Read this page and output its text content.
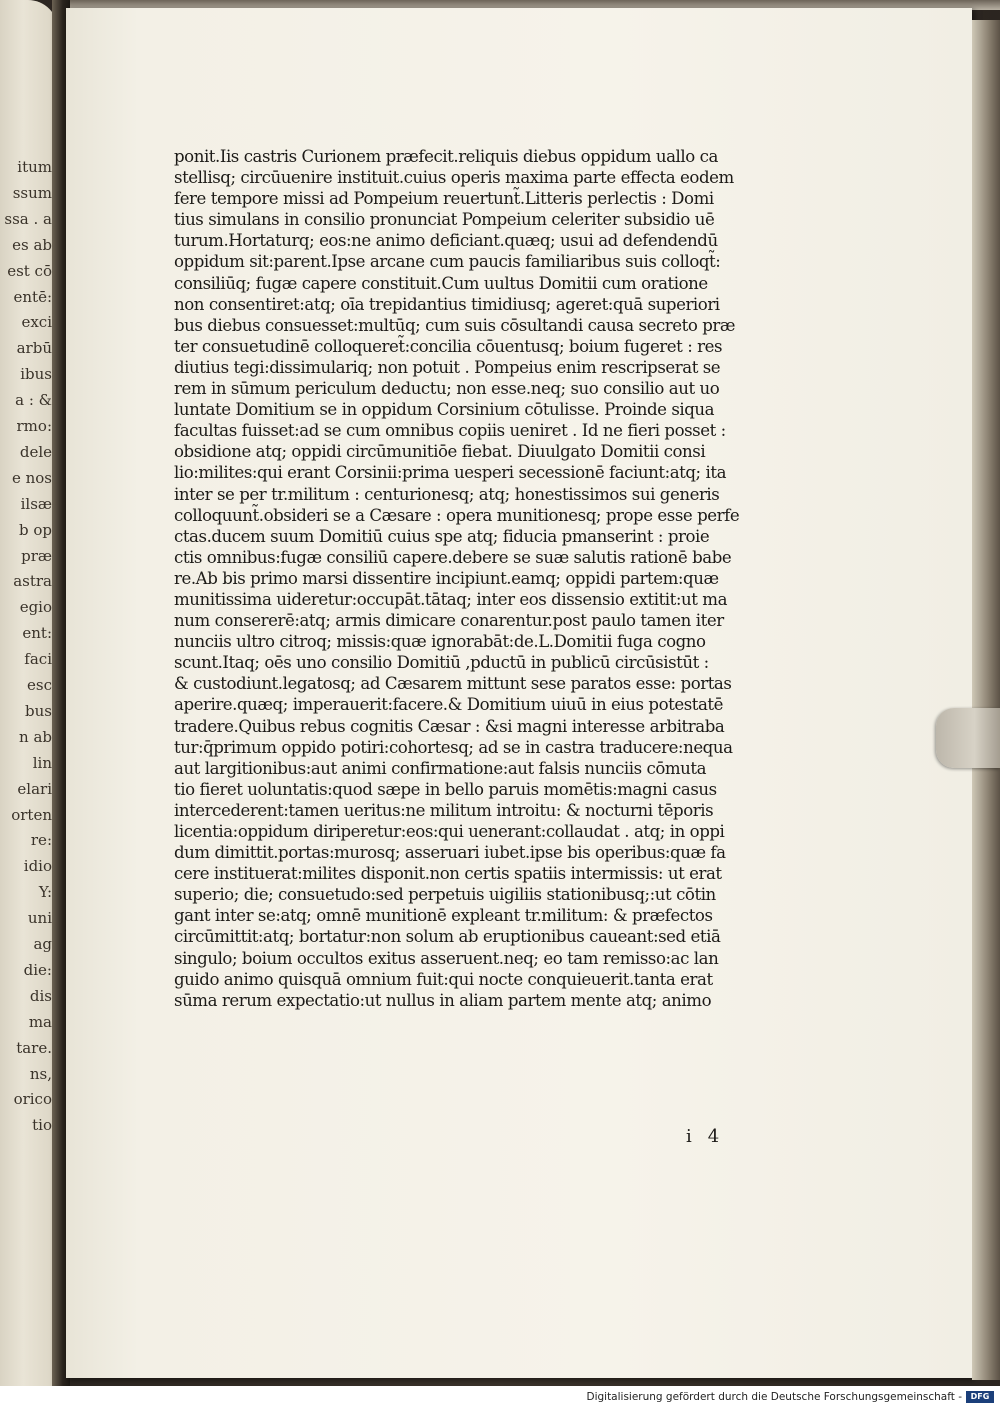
itum
ssum
ssa . a
es ab
est cō
entē:
exci
arbū
ibus
a : &
rmo:
dele
e nos
ilsæ
b op
præ
astra
egio
ent:
faci
esc
bus
n ab
lin
elari
orten
re:
idio
Y:
uni
ag
die:
dis
ma
tare.
ns,
orico
tio
ponit.Iis castris Curionem præfecit.reliquis diebus oppidum uallo ca
stellisq; circūuenire instituit.cuius operis maxima parte effecta eodem
fere tempore missi ad Pompeium reuertunt̃.Litteris perlectis : Domi
tius simulans in consilio pronunciat Pompeium celeriter subsidio uē
turum.Hortaturq; eos:ne animo deficiant.quæq; usui ad defendendū
oppidum sit:parent.Ipse arcane cum paucis familiaribus suis colloqt̃:
consiliūq; fugæ capere constituit.Cum uultus Domitii cum oratione
non consentiret:atq; oīa trepidantius timidiusq; ageret:quā superiori
bus diebus consuesset:multūq; cum suis cōsultandi causa secreto præ
ter consuetudinē colloqueret̃:concilia cōuentusq; boium fugeret : res
diutius tegi:dissimulariq; non potuit . Pompeius enim rescripserat se
rem in sūmum periculum deductu; non esse.neq; suo consilio aut uo
luntate Domitium se in oppidum Corsinium cōtulisse. Proinde siqua
facultas fuisset:ad se cum omnibus copiis ueniret . Id ne fieri posset :
obsidione atq; oppidi circūmunitiōe fiebat. Diuulgato Domitii consi
lio:milites:qui erant Corsinii:prima uesperi secessionē faciunt:atq; ita
inter se per tr.militum : centurionesq; atq; honestissimos sui generis
colloquunt̃.obsideri se a Cæsare : opera munitionesq; prope esse perfe
ctas.ducem suum Domitiū cuius spe atq; fiducia pmanserint : proie
ctis omnibus:fugæ consiliū capere.debere se suæ salutis rationē babe
re.Ab bis primo marsi dissentire incipiunt.eamq; oppidi partem:quæ
munitissima uideretur:occupāt.tātaq; inter eos dissensio extitit:ut ma
num consererē:atq; armis dimicare conarentur.post paulo tamen iter
nunciis ultro citroq; missis:quæ ignorabāt:de.L.Domitii fuga cogno
scunt.Itaq; oēs uno consilio Domitiū ,pductū in publicū circūsistūt :
& custodiunt.legatosq; ad Cæsarem mittunt sese paratos esse: portas
aperire.quæq; imperauerit:facere.& Domitium uiuū in eius potestatē
tradere.Quibus rebus cognitis Cæsar : &si magni interesse arbitraba
tur:q̄primum oppido potiri:cohortesq; ad se in castra traducere:nequa
aut largitionibus:aut animi confirmatione:aut falsis nunciis cōmuta
tio fieret uoluntatis:quod sæpe in bello paruis momētis:magni casus
intercederent:tamen ueritus:ne militum introitu: & nocturni tēporis
licentia:oppidum diriperetur:eos:qui uenerant:collaudat . atq; in oppi
dum dimittit.portas:murosq; asseruari iubet.ipse bis operibus:quæ fa
cere instituerat:milites disponit.non certis spatiis intermissis: ut erat
superio; die; consuetudo:sed perpetuis uigiliis stationibusq;:ut cōtin
gant inter se:atq; omnē munitionē expleant tr.militum: & præfectos
circūmittit:atq; bortatur:non solum ab eruptionibus caueant:sed etiā
singulo; boium occultos exitus asseruent.neq; eo tam remisso:ac lan
guido animo quisquā omnium fuit:qui nocte conquieuerit.tanta erat
sūma rerum expectatio:ut nullus in aliam partem mente atq; animo
i 4
Digitalisierung gefördert durch die Deutsche Forschungsgemeinschaft -	DFG
